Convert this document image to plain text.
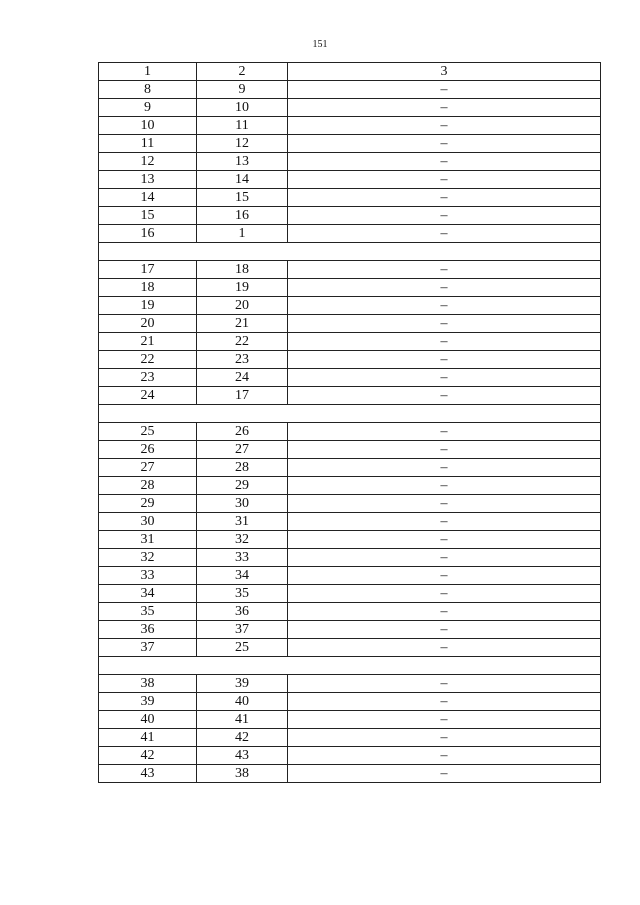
151
1	2	3
8	9	–
9	10	–
10	11	–
11	12	–
12	13	–
13	14	–
14	15	–
15	16	–
16	1	–

17	18	–
18	19	–
19	20	–
20	21	–
21	22	–
22	23	–
23	24	–
24	17	–

25	26	–
26	27	–
27	28	–
28	29	–
29	30	–
30	31	–
31	32	–
32	33	–
33	34	–
34	35	–
35	36	–
36	37	–
37	25	–

38	39	–
39	40	–
40	41	–
41	42	–
42	43	–
43	38	–
